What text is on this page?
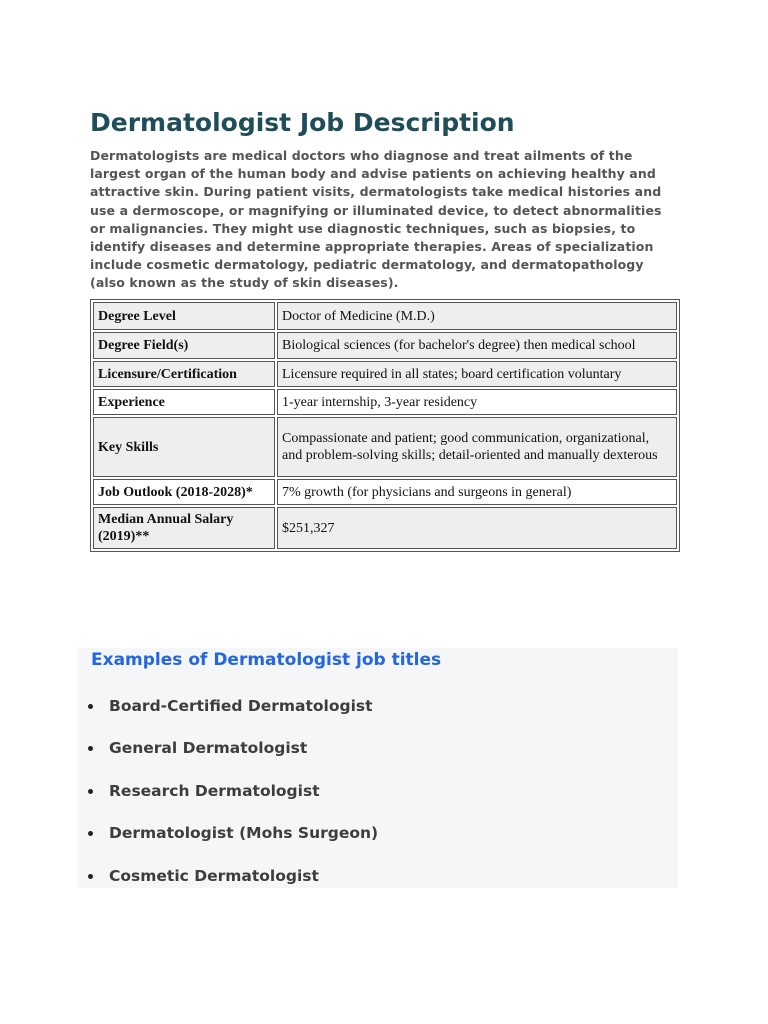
Dermatologist Job Description

Dermatologists are medical doctors who diagnose and treat ailments of the largest organ of the human body and advise patients on achieving healthy and attractive skin. During patient visits, dermatologists take medical histories and use a dermoscope, or magnifying or illuminated device, to detect abnormalities or malignancies. They might use diagnostic techniques, such as biopsies, to identify diseases and determine appropriate therapies. Areas of specialization include cosmetic dermatology, pediatric dermatology, and dermatopathology (also known as the study of skin diseases).

Degree Level	Doctor of Medicine (M.D.)
Degree Field(s)	Biological sciences (for bachelor's degree) then medical school
Licensure/Certification	Licensure required in all states; board certification voluntary
Experience	1-year internship, 3-year residency
Key Skills	Compassionate and patient; good communication, organizational, and problem-solving skills; detail-oriented and manually dexterous
Job Outlook (2018-2028)*	7% growth (for physicians and surgeons in general)
Median Annual Salary (2019)**	$251,327
Examples of Dermatologist job titles
Board-Certified Dermatologist
General Dermatologist
Research Dermatologist
Dermatologist (Mohs Surgeon)
Cosmetic Dermatologist
